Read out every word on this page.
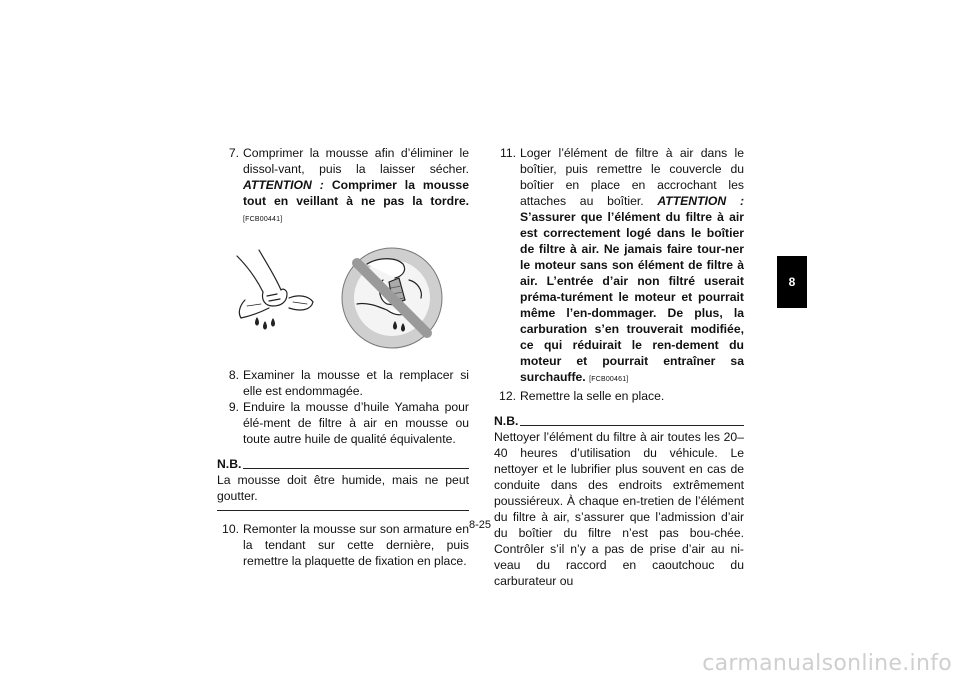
7. Comprimer la mousse afin d’éliminer le dissol-vant, puis la laisser sécher. ATTENTION : Comprimer la mousse tout en veillant à ne pas la tordre. [FCB00441]
8. Examiner la mousse et la remplacer si elle est endommagée.
9. Enduire la mousse d’huile Yamaha pour élé-ment de filtre à air en mousse ou toute autre huile de qualité équivalente.
N.B.
La mousse doit être humide, mais ne peut goutter.
10. Remonter la mousse sur son armature en la tendant sur cette dernière, puis remettre la plaquette de fixation en place.
11. Loger l’élément de filtre à air dans le boîtier, puis remettre le couvercle du boîtier en place en accrochant les attaches au boîtier. ATTENTION : S’assurer que l’élément du filtre à air est correctement logé dans le boîtier de filtre à air. Ne jamais faire tour-ner le moteur sans son élément de filtre à air. L’entrée d’air non filtré userait préma-turément le moteur et pourrait même l’en-dommager. De plus, la carburation s’en trouverait modifiée, ce qui réduirait le ren-dement du moteur et pourrait entraîner sa surchauffe. [FCB00461]
12. Remettre la selle en place.
N.B.
Nettoyer l’élément du filtre à air toutes les 20–40 heures d’utilisation du véhicule. Le nettoyer et le lubrifier plus souvent en cas de conduite dans des endroits extrêmement poussiéreux. À chaque en-tretien de l’élément du filtre à air, s’assurer que l’admission d’air du boîtier du filtre n’est pas bou-chée. Contrôler s’il n’y a pas de prise d’air au ni-veau du raccord en caoutchouc du carburateur ou
8
8-25
carmanualsonline.info
